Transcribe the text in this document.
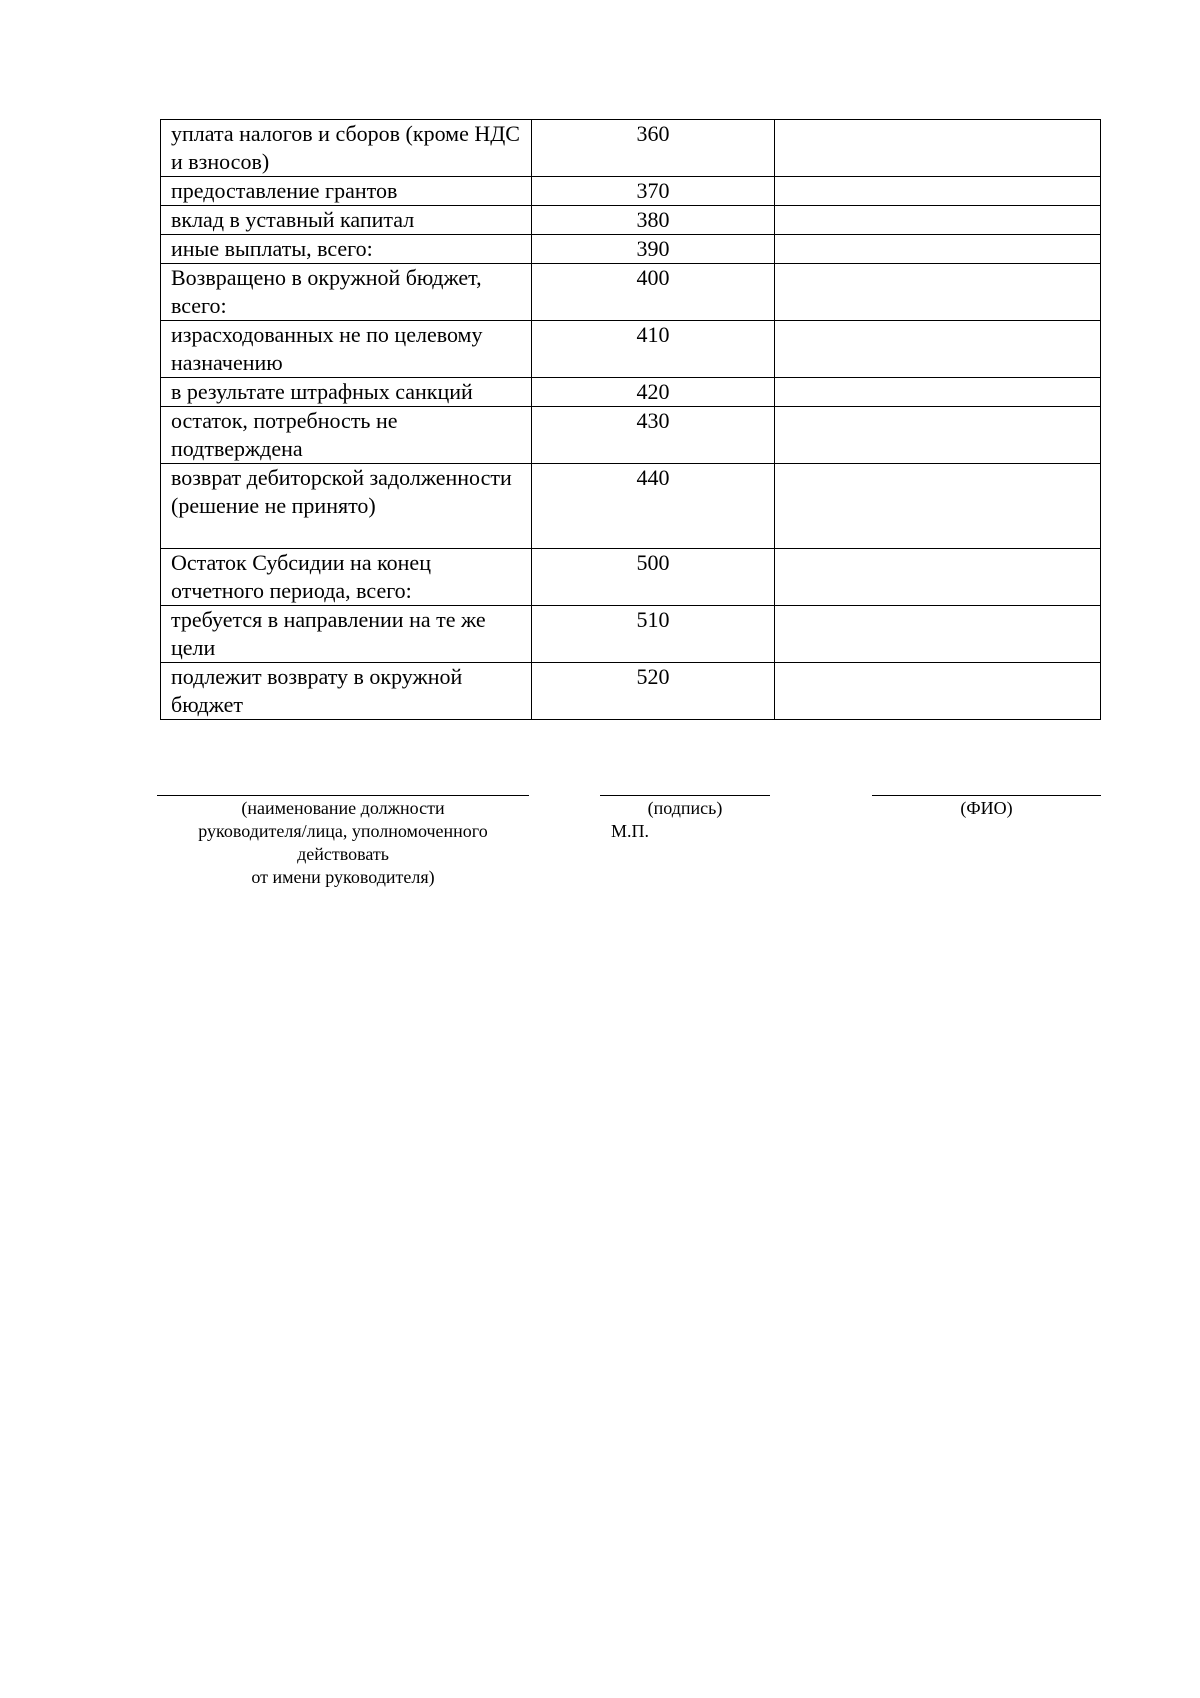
уплата налогов и сборов (кроме НДС и взносов)	360	
предоставление грантов	370	
вклад в уставный капитал	380	
иные выплаты, всего:	390	
Возвращено в окружной бюджет, всего:	400	
израсходованных не по целевому назначению	410	
в результате штрафных санкций	420	
остаток, потребность не подтверждена	430	
возврат дебиторской задолженности (решение не принято)	440	
Остаток Субсидии на конец отчетного периода, всего:	500	
требуется в направлении на те же цели	510	
подлежит возврату в окружной бюджет	520	
(наименование должности
руководителя/лица, уполномоченного
действовать
от имени руководителя)
(подпись)
М.П.
(ФИО)
